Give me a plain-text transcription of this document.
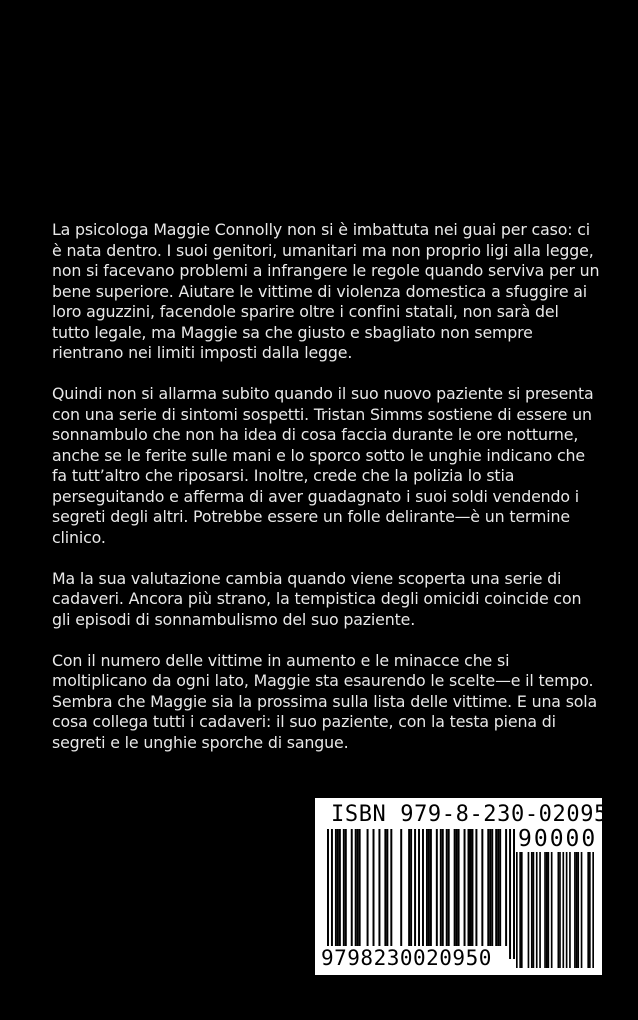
La psicologa Maggie Connolly non si è imbattuta nei guai per caso: ci è nata dentro. I suoi genitori, umanitari ma non proprio ligi alla legge, non si facevano problemi a infrangere le regole quando serviva per un bene superiore. Aiutare le vittime di violenza domestica a sfuggire ai loro aguzzini, facendole sparire oltre i confini statali, non sarà del tutto legale, ma Maggie sa che giusto e sbagliato non sempre rientrano nei limiti imposti dalla legge.

Quindi non si allarma subito quando il suo nuovo paziente si presenta con una serie di sintomi sospetti. Tristan Simms sostiene di essere un sonnambulo che non ha idea di cosa faccia durante le ore notturne, anche se le ferite sulle mani e lo sporco sotto le unghie indicano che fa tutt’altro che riposarsi. Inoltre, crede che la polizia lo stia perseguitando e afferma di aver guadagnato i suoi soldi vendendo i segreti degli altri. Potrebbe essere un folle delirante—è un termine clinico.

Ma la sua valutazione cambia quando viene scoperta una serie di cadaveri. Ancora più strano, la tempistica degli omicidi coincide con gli episodi di sonnambulismo del suo paziente.

Con il numero delle vittime in aumento e le minacce che si moltiplicano da ogni lato, Maggie sta esaurendo le scelte—e il tempo. Sembra che Maggie sia la prossima sulla lista delle vittime. E una sola cosa collega tutti i cadaveri: il suo paziente, con la testa piena di segreti e le unghie sporche di sangue.

ISBN 979-8-230-02095-0
9798230020950
90000
